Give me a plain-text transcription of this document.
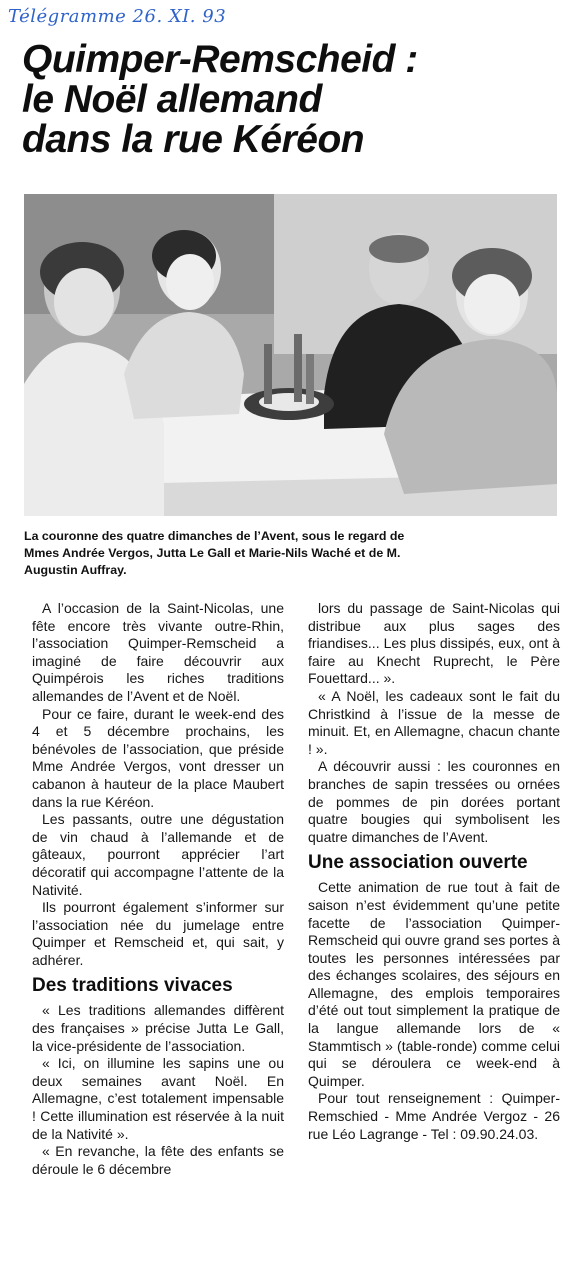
Télégramme 26. XI. 93
Quimper-Remscheid :
le Noël allemand
dans la rue Kéréon
La couronne des quatre dimanches de l’Avent, sous le regard de
Mmes Andrée Vergos, Jutta Le Gall et Marie-Nils Waché et de M.
Augustin Auffray.

A l’occasion de la Saint-Nicolas, une fête encore très vivante outre-Rhin, l’association Quimper-Remscheid a imaginé de faire découvrir aux Quimpérois les riches traditions allemandes de l’Avent et de Noël.

Pour ce faire, durant le week-end des 4 et 5 décembre prochains, les bénévoles de l’association, que préside Mme Andrée Vergos, vont dresser un cabanon à hauteur de la place Maubert dans la rue Kéréon.

Les passants, outre une dégustation de vin chaud à l’allemande et de gâteaux, pourront apprécier l’art décoratif qui accompagne l’attente de la Nativité.

Ils pourront également s’informer sur l’association née du jumelage entre Quimper et Remscheid et, qui sait, y adhérer.

Des traditions vivaces

« Les traditions allemandes diffèrent des françaises » précise Jutta Le Gall, la vice-présidente de l’association.

« Ici, on illumine les sapins une ou deux semaines avant Noël. En Allemagne, c’est totalement impensable ! Cette illumination est réservée à la nuit de la Nativité ».

« En revanche, la fête des enfants se déroule le 6 décembre

lors du passage de Saint-Nicolas qui distribue aux plus sages des friandises... Les plus dissipés, eux, ont à faire au Knecht Ruprecht, le Père Fouettard... ».

« A Noël, les cadeaux sont le fait du Christkind à l’issue de la messe de minuit. Et, en Allemagne, chacun chante ! ».

A découvrir aussi : les couronnes en branches de sapin tressées ou ornées de pommes de pin dorées portant quatre bougies qui symbolisent les quatre dimanches de l’Avent.

Une association ouverte

Cette animation de rue tout à fait de saison n’est évidemment qu’une petite facette de l’association Quimper-Remscheid qui ouvre grand ses portes à toutes les personnes intéressées par des échanges scolaires, des séjours en Allemagne, des emplois temporaires d’été out tout simplement la pratique de la langue allemande lors de « Stammtisch » (table-ronde) comme celui qui se déroulera ce week-end à Quimper.

Pour tout renseignement : Quimper-Remschied - Mme Andrée Vergoz - 26 rue Léo Lagrange - Tel : 09.90.24.03.
